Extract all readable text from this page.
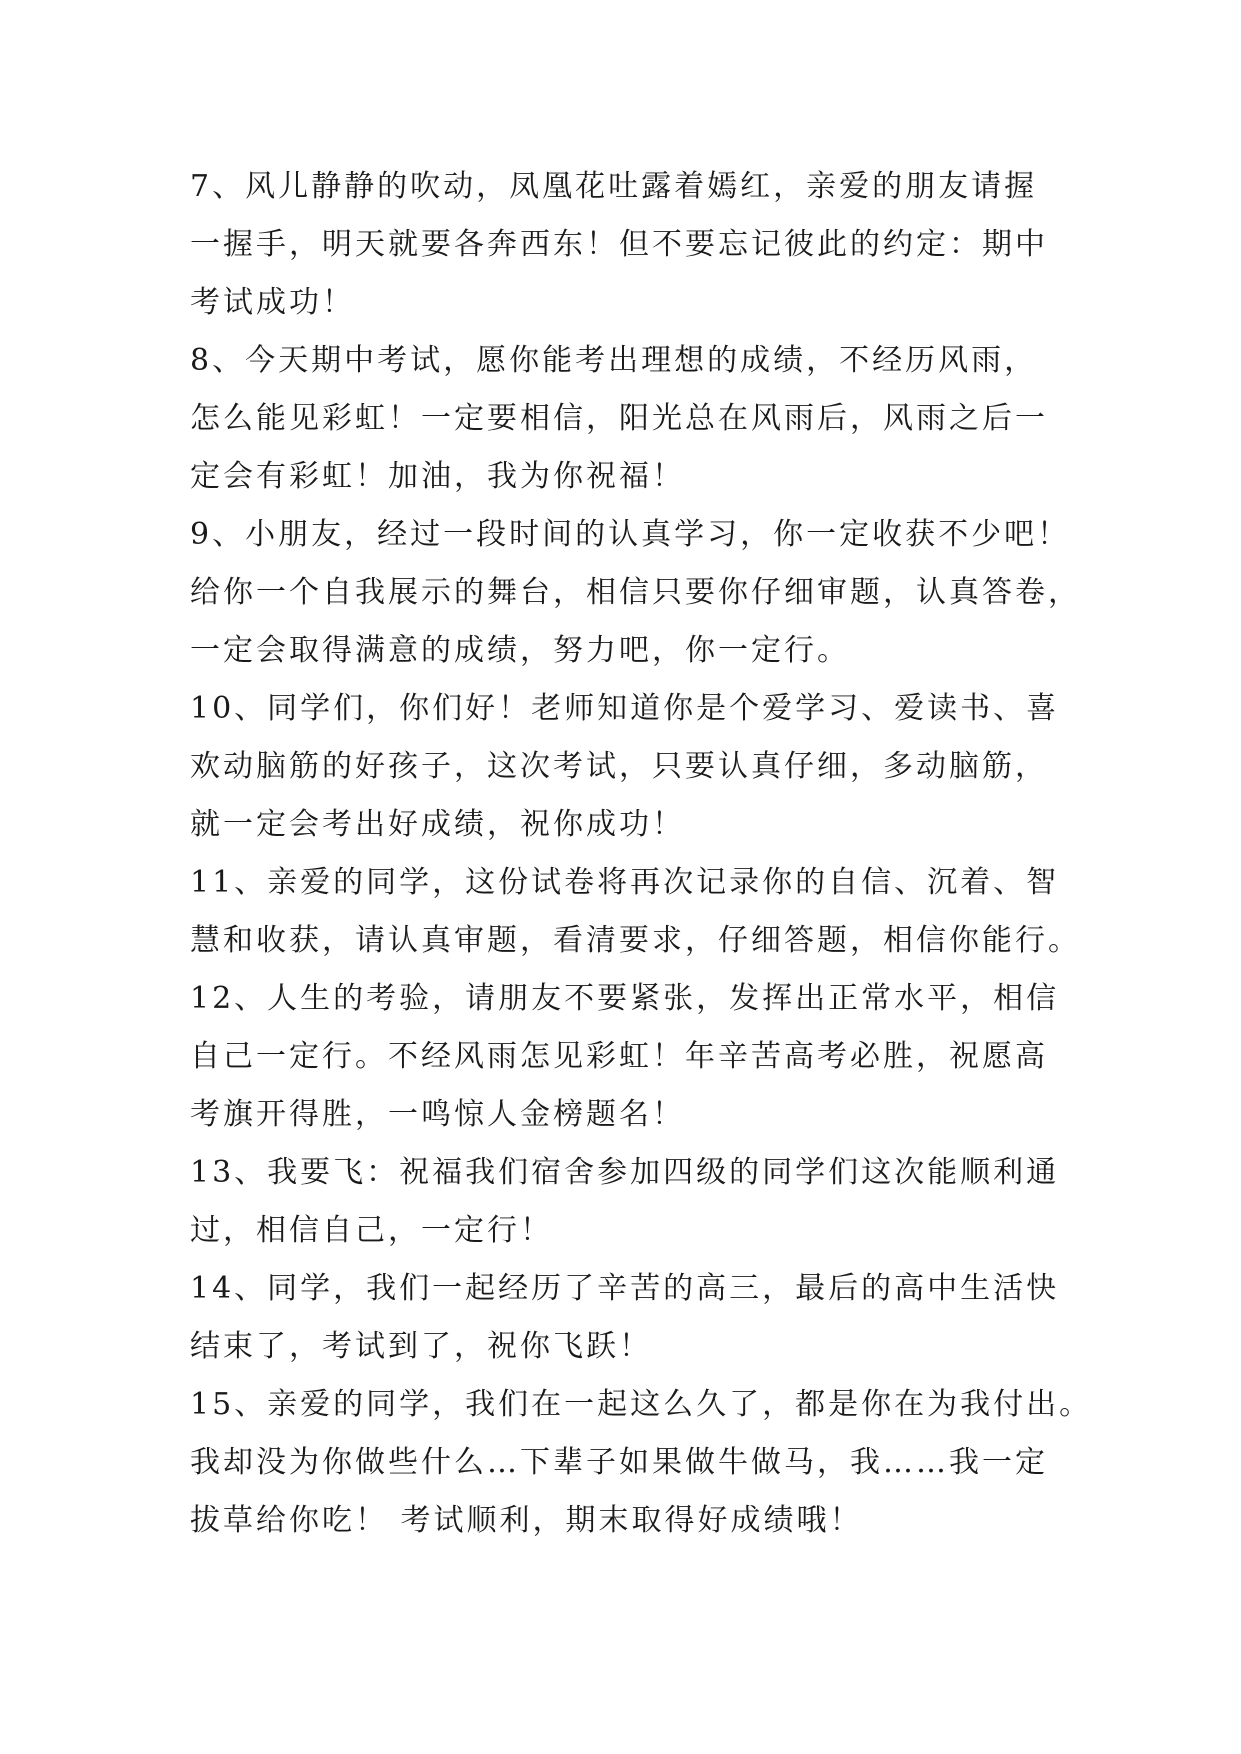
7、风儿静静的吹动，凤凰花吐露着嫣红，亲爱的朋友请握
一握手，明天就要各奔西东！但不要忘记彼此的约定：期中
考试成功！
8、今天期中考试，愿你能考出理想的成绩，不经历风雨，
怎么能见彩虹！一定要相信，阳光总在风雨后，风雨之后一
定会有彩虹！加油，我为你祝福！
9、小朋友，经过一段时间的认真学习，你一定收获不少吧！
给你一个自我展示的舞台，相信只要你仔细审题，认真答卷，
一定会取得满意的成绩，努力吧，你一定行。
10、同学们，你们好！老师知道你是个爱学习、爱读书、喜
欢动脑筋的好孩子，这次考试，只要认真仔细，多动脑筋，
就一定会考出好成绩，祝你成功！
11、亲爱的同学，这份试卷将再次记录你的自信、沉着、智
慧和收获，请认真审题，看清要求，仔细答题，相信你能行。
12、人生的考验，请朋友不要紧张，发挥出正常水平，相信
自己一定行。不经风雨怎见彩虹！年辛苦高考必胜，祝愿高
考旗开得胜，一鸣惊人金榜题名！
13、我要飞：祝福我们宿舍参加四级的同学们这次能顺利通
过，相信自己，一定行！
14、同学，我们一起经历了辛苦的高三，最后的高中生活快
结束了，考试到了，祝你飞跃！
15、亲爱的同学，我们在一起这么久了，都是你在为我付出。
我却没为你做些什么…下辈子如果做牛做马，我……我一定
拔草给你吃！ 考试顺利，期末取得好成绩哦！
